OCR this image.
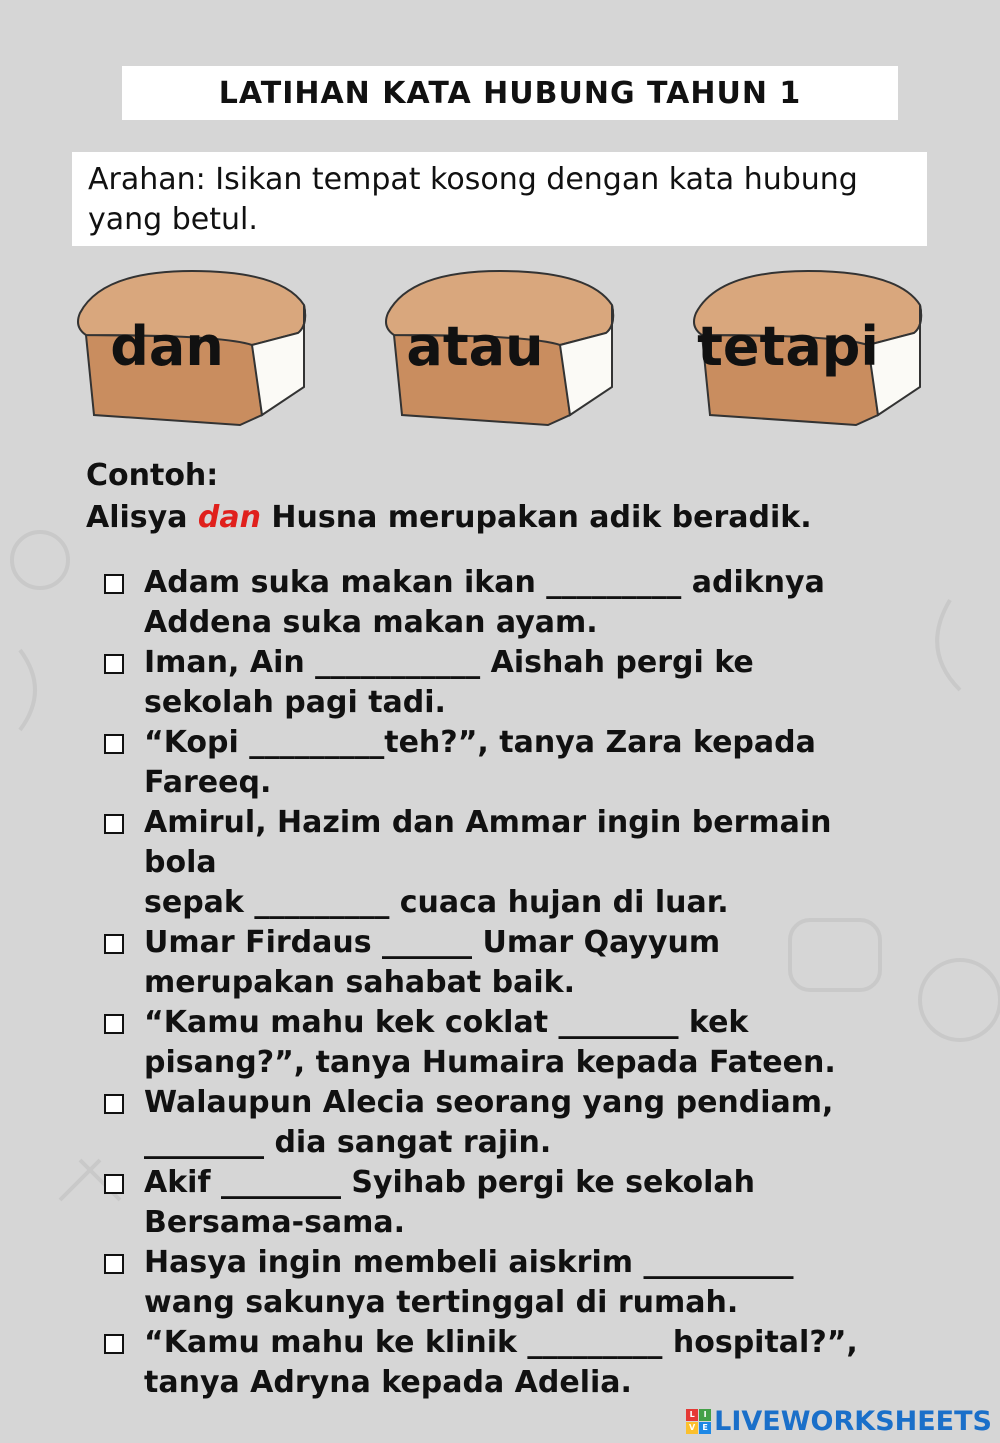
LATIHAN KATA HUBUNG TAHUN 1
Arahan: Isikan tempat kosong dengan kata hubung yang betul.
dan	atau	tetapi
Contoh:
Alisya dan Husna merupakan adik beradik.
Adam suka makan ikan _________ adiknya
Addena suka makan ayam.
Iman, Ain ___________ Aishah pergi ke
sekolah pagi tadi.
“Kopi _________teh?”, tanya Zara kepada
Fareeq.
Amirul, Hazim dan Ammar ingin bermain bola
sepak _________ cuaca hujan di luar.
Umar Firdaus ______ Umar Qayyum
merupakan sahabat baik.
“Kamu mahu kek coklat ________ kek
pisang?”, tanya Humaira kepada Fateen.
Walaupun Alecia seorang yang pendiam,
________ dia sangat rajin.
Akif ________ Syihab pergi ke sekolah
Bersama-sama.
Hasya ingin membeli aiskrim __________
wang sakunya tertinggal di rumah.
“Kamu mahu ke klinik _________ hospital?”,
tanya Adryna kepada Adelia.
L	I
V E LIVEWORKSHEETS
